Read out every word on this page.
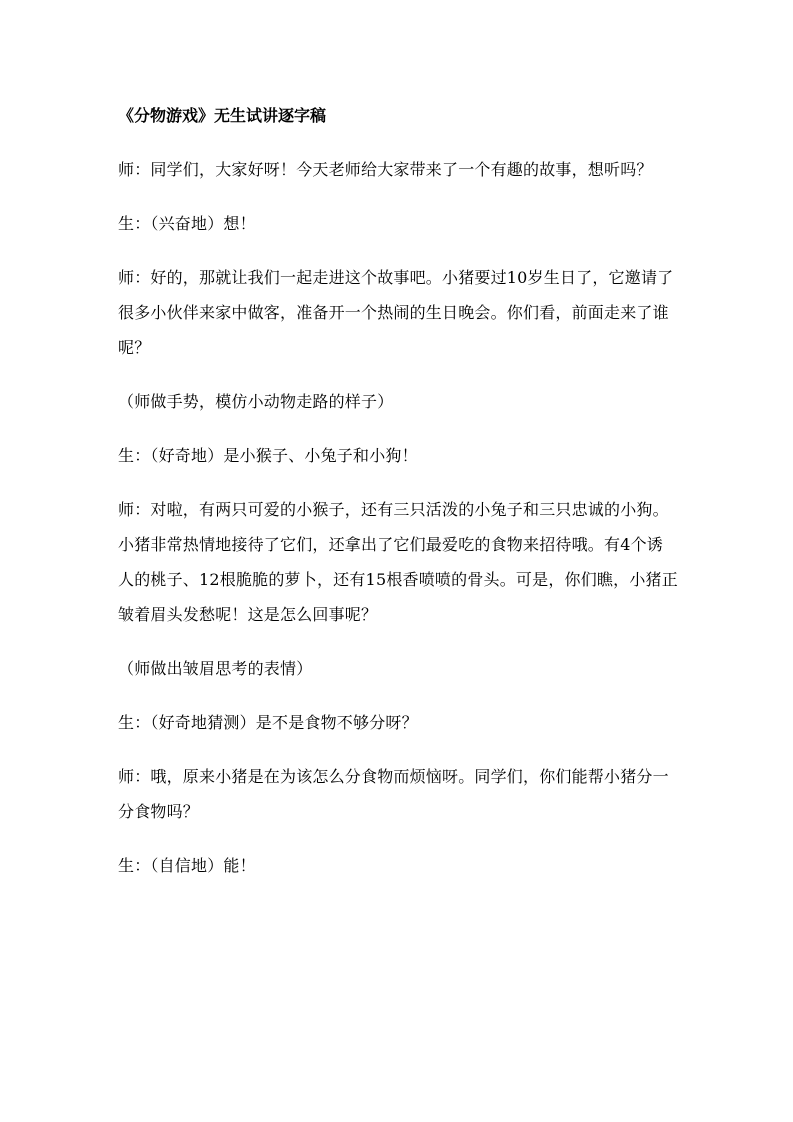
《分物游戏》无生试讲逐字稿

师：同学们，大家好呀！今天老师给大家带来了一个有趣的故事，想听吗？

生：（兴奋地）想！

师：好的，那就让我们一起走进这个故事吧。小猪要过10岁生日了，它邀请了很多小伙伴来家中做客，准备开一个热闹的生日晚会。你们看，前面走来了谁呢？

（师做手势，模仿小动物走路的样子）

生：（好奇地）是小猴子、小兔子和小狗！

师：对啦，有两只可爱的小猴子，还有三只活泼的小兔子和三只忠诚的小狗。小猪非常热情地接待了它们，还拿出了它们最爱吃的食物来招待哦。有4个诱人的桃子、12根脆脆的萝卜，还有15根香喷喷的骨头。可是，你们瞧，小猪正皱着眉头发愁呢！这是怎么回事呢？

（师做出皱眉思考的表情）

生：（好奇地猜测）是不是食物不够分呀？

师：哦，原来小猪是在为该怎么分食物而烦恼呀。同学们，你们能帮小猪分一分食物吗？

生：（自信地）能！
